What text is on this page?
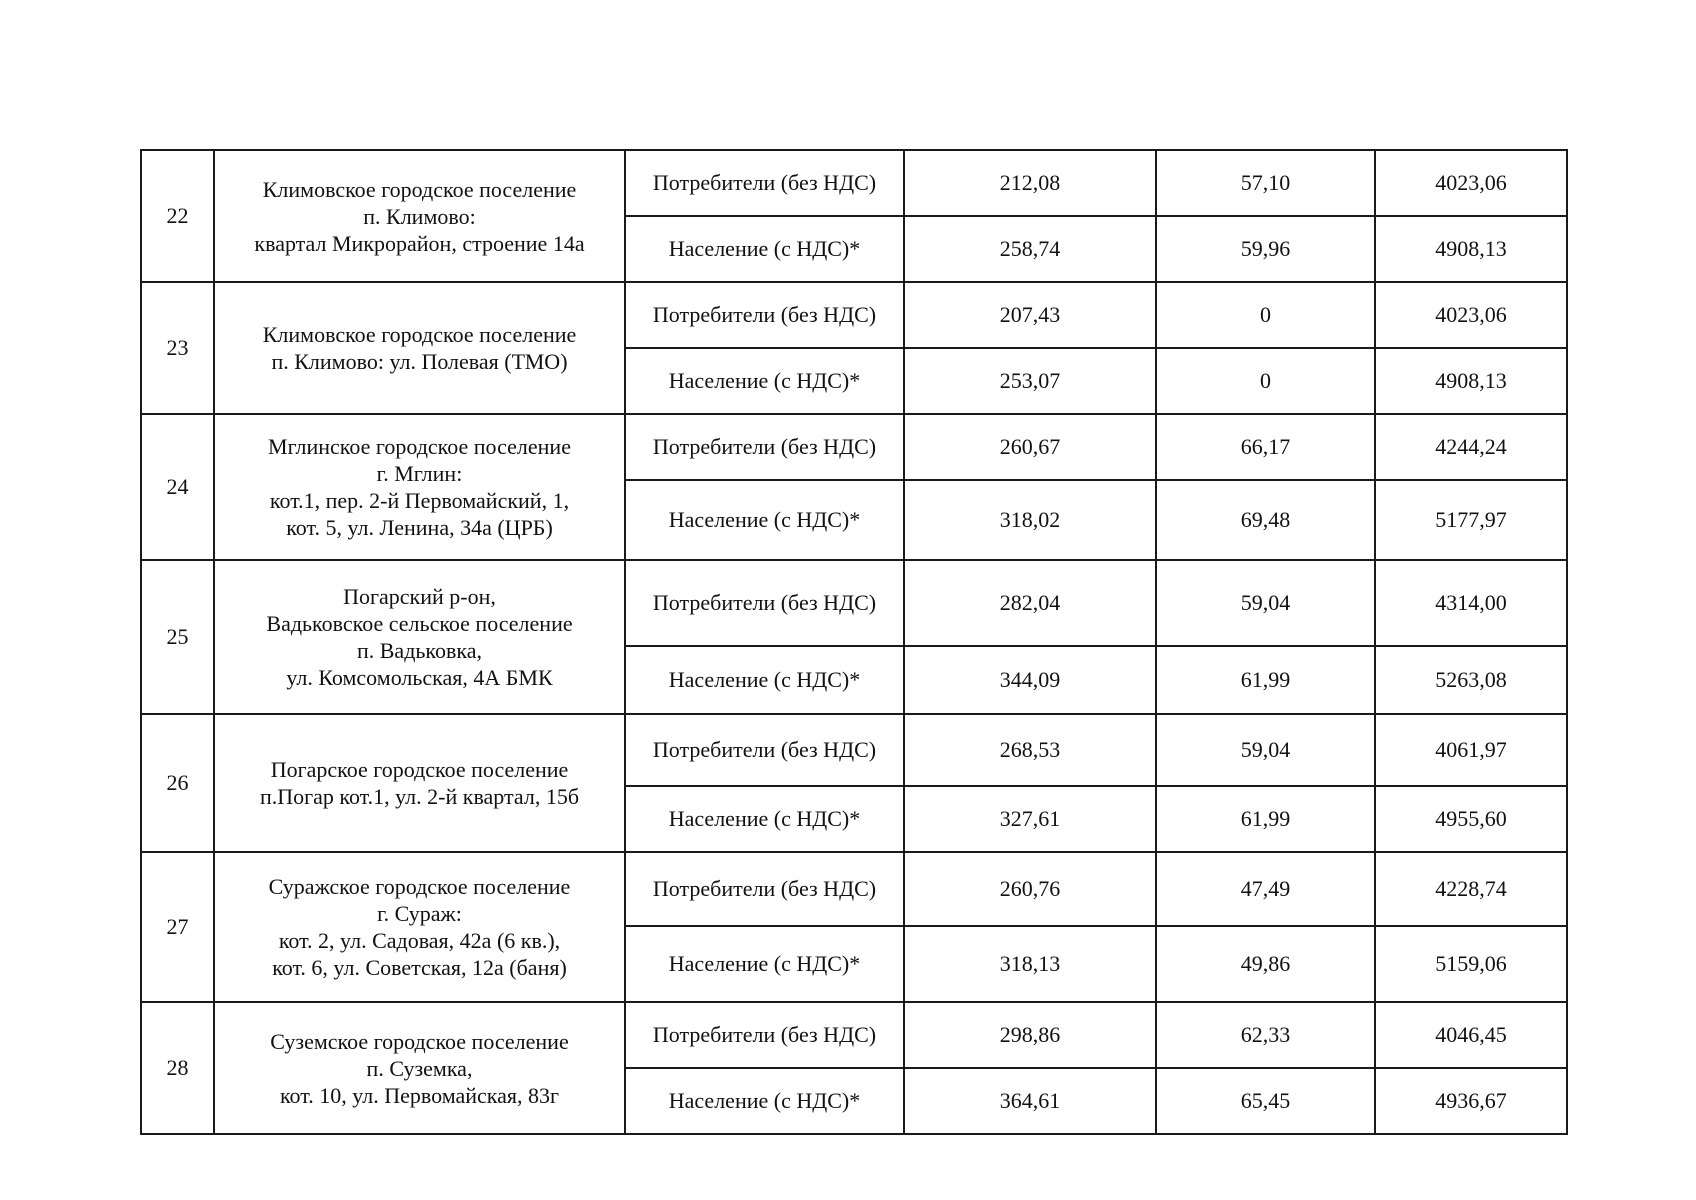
22	Климовское городское поселение
п. Климово:
квартал Микрорайон, строение 14а	Потребители (без НДС)	212,08	57,10	4023,06
		Население (с НДС)*	258,74	59,96	4908,13
23	Климовское городское поселение
п. Климово: ул. Полевая (ТМО)	Потребители (без НДС)	207,43	0	4023,06
		Население (с НДС)*	253,07	0	4908,13
24	Мглинское городское поселение
г. Мглин:
кот.1, пер. 2-й Первомайский, 1,
кот. 5, ул. Ленина, 34а (ЦРБ)	Потребители (без НДС)	260,67	66,17	4244,24
		Население (с НДС)*	318,02	69,48	5177,97
25	Погарский р-он,
Вадьковское сельское поселение
п. Вадьковка,
ул. Комсомольская, 4А БМК	Потребители (без НДС)	282,04	59,04	4314,00
		Население (с НДС)*	344,09	61,99	5263,08
26	Погарское городское поселение
п.Погар кот.1, ул. 2-й квартал, 15б	Потребители (без НДС)	268,53	59,04	4061,97
		Население (с НДС)*	327,61	61,99	4955,60
27	Суражское городское поселение
г. Сураж:
кот. 2, ул. Садовая, 42а (6 кв.),
кот. 6, ул. Советская, 12а (баня)	Потребители (без НДС)	260,76	47,49	4228,74
		Население (с НДС)*	318,13	49,86	5159,06
28	Суземское городское поселение
п. Суземка,
кот. 10, ул. Первомайская, 83г	Потребители (без НДС)	298,86	62,33	4046,45
		Население (с НДС)*	364,61	65,45	4936,67
